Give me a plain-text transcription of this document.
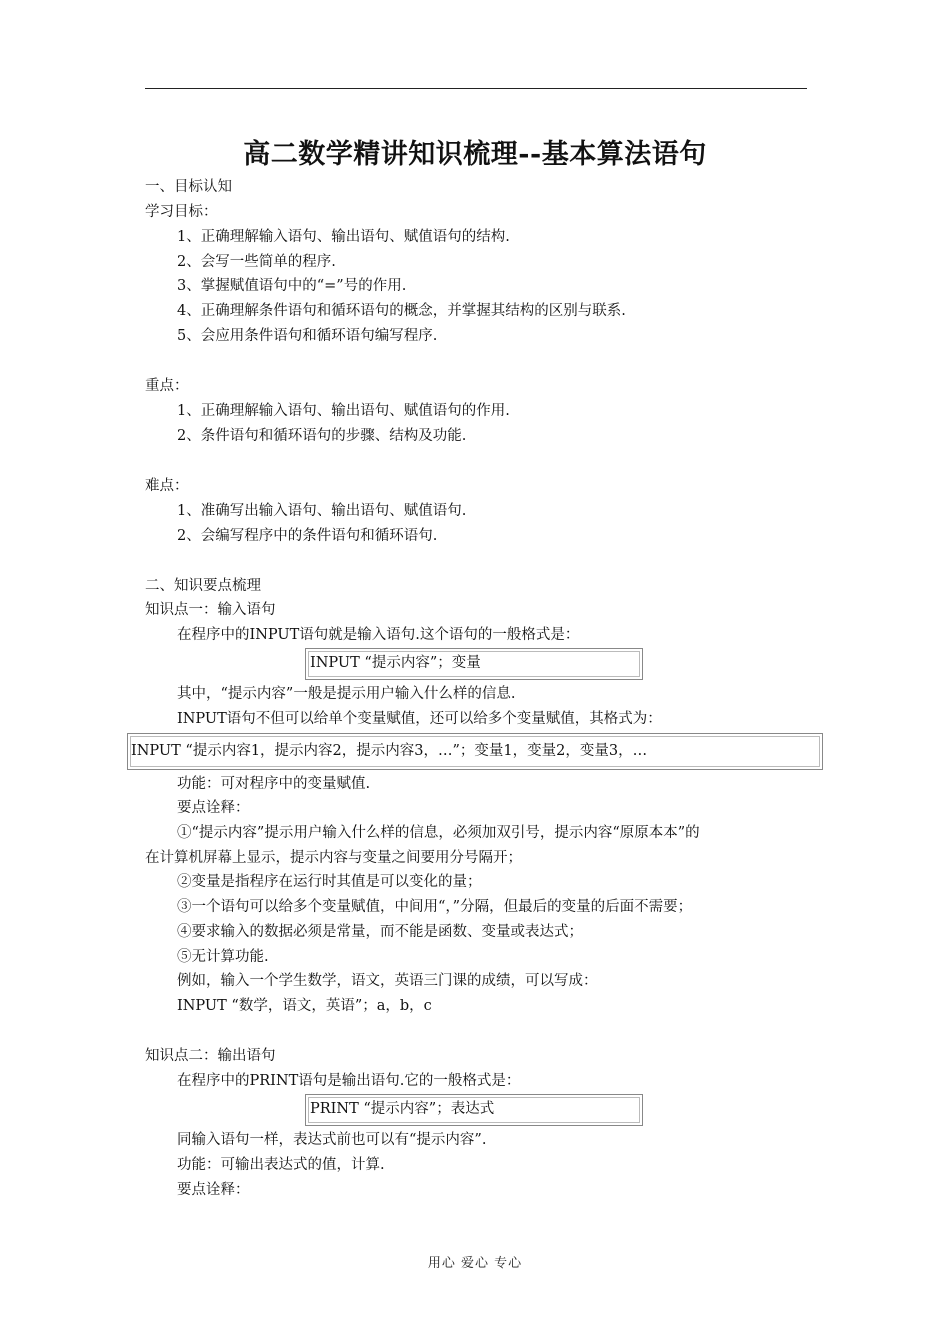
高二数学精讲知识梳理--基本算法语句
一、目标认知
学习目标：
1、正确理解输入语句、输出语句、赋值语句的结构.
2、会写一些简单的程序.
3、掌握赋值语句中的“=”号的作用.
4、正确理解条件语句和循环语句的概念，并掌握其结构的区别与联系.
5、会应用条件语句和循环语句编写程序.
重点：
1、正确理解输入语句、输出语句、赋值语句的作用.
2、条件语句和循环语句的步骤、结构及功能.
难点：
1、准确写出输入语句、输出语句、赋值语句.
2、会编写程序中的条件语句和循环语句.
二、知识要点梳理
知识点一：输入语句
在程序中的INPUT语句就是输入语句.这个语句的一般格式是：
INPUT “提示内容”；变量
其中，“提示内容”一般是提示用户输入什么样的信息.
INPUT语句不但可以给单个变量赋值，还可以给多个变量赋值，其格式为：
INPUT “提示内容1，提示内容2，提示内容3，…”；变量1，变量2，变量3，…
功能：可对程序中的变量赋值.
要点诠释：
①“提示内容”提示用户输入什么样的信息，必须加双引号，提示内容“原原本本”的
在计算机屏幕上显示，提示内容与变量之间要用分号隔开；
②变量是指程序在运行时其值是可以变化的量；
③一个语句可以给多个变量赋值，中间用“，”分隔，但最后的变量的后面不需要；
④要求输入的数据必须是常量，而不能是函数、变量或表达式；
⑤无计算功能.
例如，输入一个学生数学，语文，英语三门课的成绩，可以写成：
INPUT “数学，语文，英语”；a，b，c
知识点二：输出语句
在程序中的PRINT语句是输出语句.它的一般格式是：
PRINT “提示内容”；表达式
同输入语句一样，表达式前也可以有“提示内容”.
功能：可输出表达式的值，计算.
要点诠释：
用心 爱心 专心
